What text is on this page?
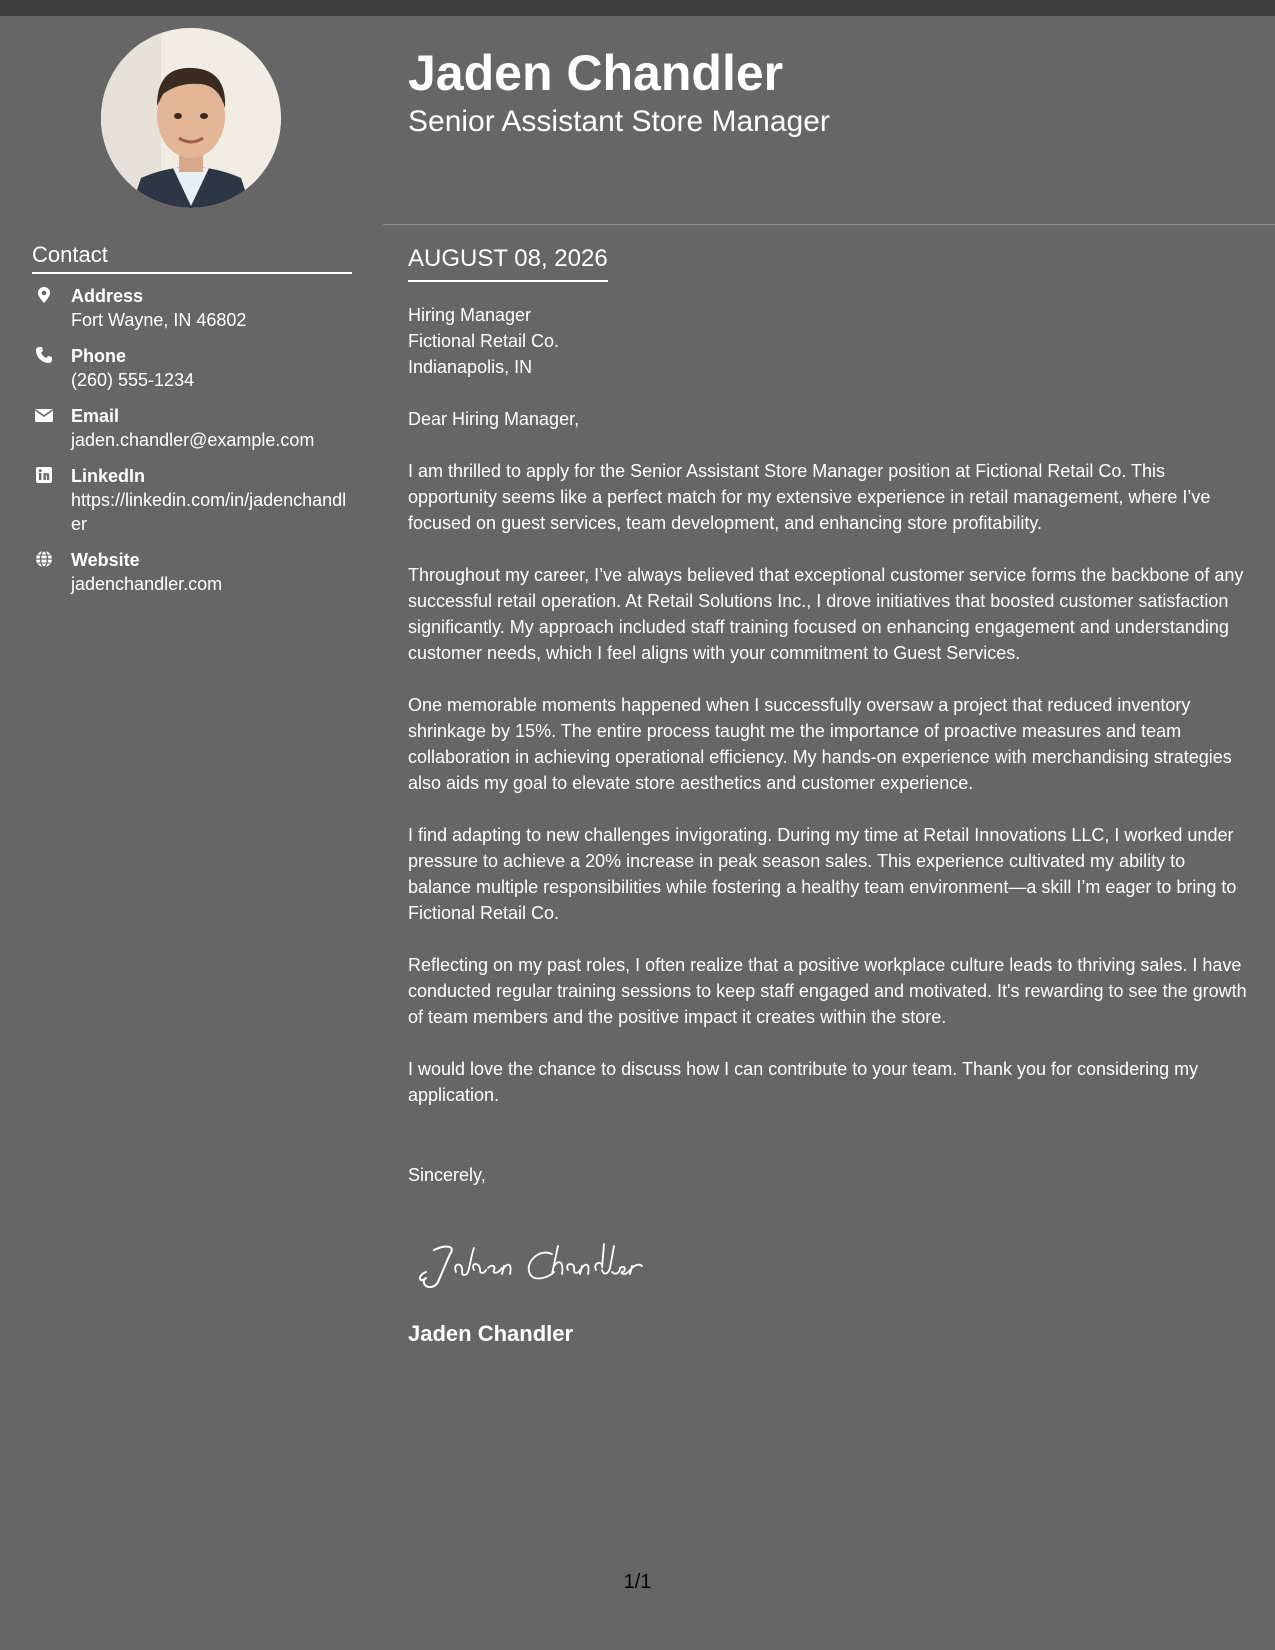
Jaden Chandler
Senior Assistant Store Manager
Contact
Address
Fort Wayne, IN 46802
Phone
(260) 555-1234
Email
jaden.chandler@example.com
LinkedIn
https://linkedin.com/in/jadenchandler
Website
jadenchandler.com
AUGUST 08, 2026
Hiring Manager
Fictional Retail Co.
Indianapolis, IN

Dear Hiring Manager,

I am thrilled to apply for the Senior Assistant Store Manager position at Fictional Retail Co. This opportunity seems like a perfect match for my extensive experience in retail management, where I’ve focused on guest services, team development, and enhancing store profitability.

Throughout my career, I’ve always believed that exceptional customer service forms the backbone of any successful retail operation. At Retail Solutions Inc., I drove initiatives that boosted customer satisfaction significantly. My approach included staff training focused on enhancing engagement and understanding customer needs, which I feel aligns with your commitment to Guest Services.

One memorable moments happened when I successfully oversaw a project that reduced inventory shrinkage by 15%. The entire process taught me the importance of proactive measures and team collaboration in achieving operational efficiency. My hands-on experience with merchandising strategies also aids my goal to elevate store aesthetics and customer experience.

I find adapting to new challenges invigorating. During my time at Retail Innovations LLC, I worked under pressure to achieve a 20% increase in peak season sales. This experience cultivated my ability to balance multiple responsibilities while fostering a healthy team environment—a skill I’m eager to bring to Fictional Retail Co.

Reflecting on my past roles, I often realize that a positive workplace culture leads to thriving sales. I have conducted regular training sessions to keep staff engaged and motivated. It's rewarding to see the growth of team members and the positive impact it creates within the store.

I would love the chance to discuss how I can contribute to your team. Thank you for considering my application.

Sincerely,

Jaden Chandler
1/1
